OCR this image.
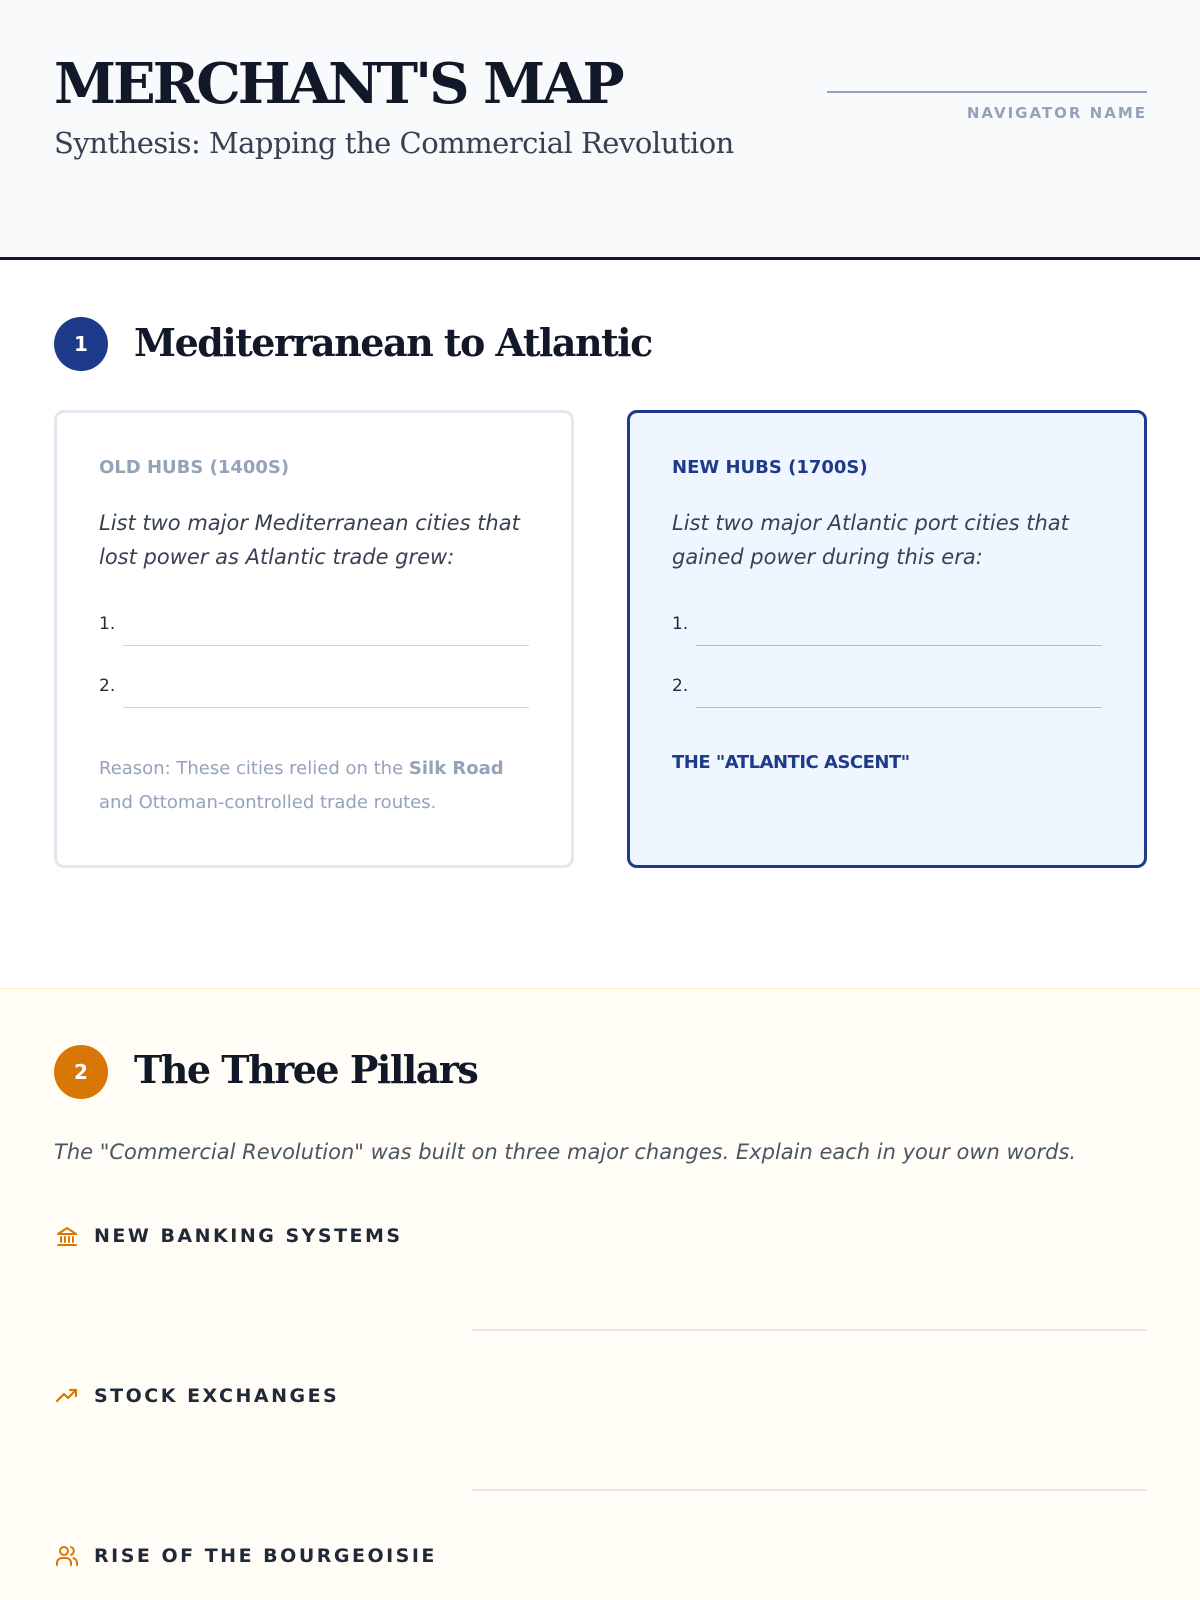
MERCHANT'S MAP
Synthesis: Mapping the Commercial Revolution
NAVIGATOR NAME
1	Mediterranean to Atlantic
OLD HUBS (1400S)
List two major Mediterranean cities that lost power as Atlantic trade grew:
1.
2.
Reason: These cities relied on the Silk Road and Ottoman-controlled trade routes.
NEW HUBS (1700S)
List two major Atlantic port cities that gained power during this era:
1.
2.
THE "ATLANTIC ASCENT"
2	The Three Pillars
The "Commercial Revolution" was built on three major changes. Explain each in your own words.
NEW BANKING SYSTEMS
STOCK EXCHANGES
RISE OF THE BOURGEOISIE
